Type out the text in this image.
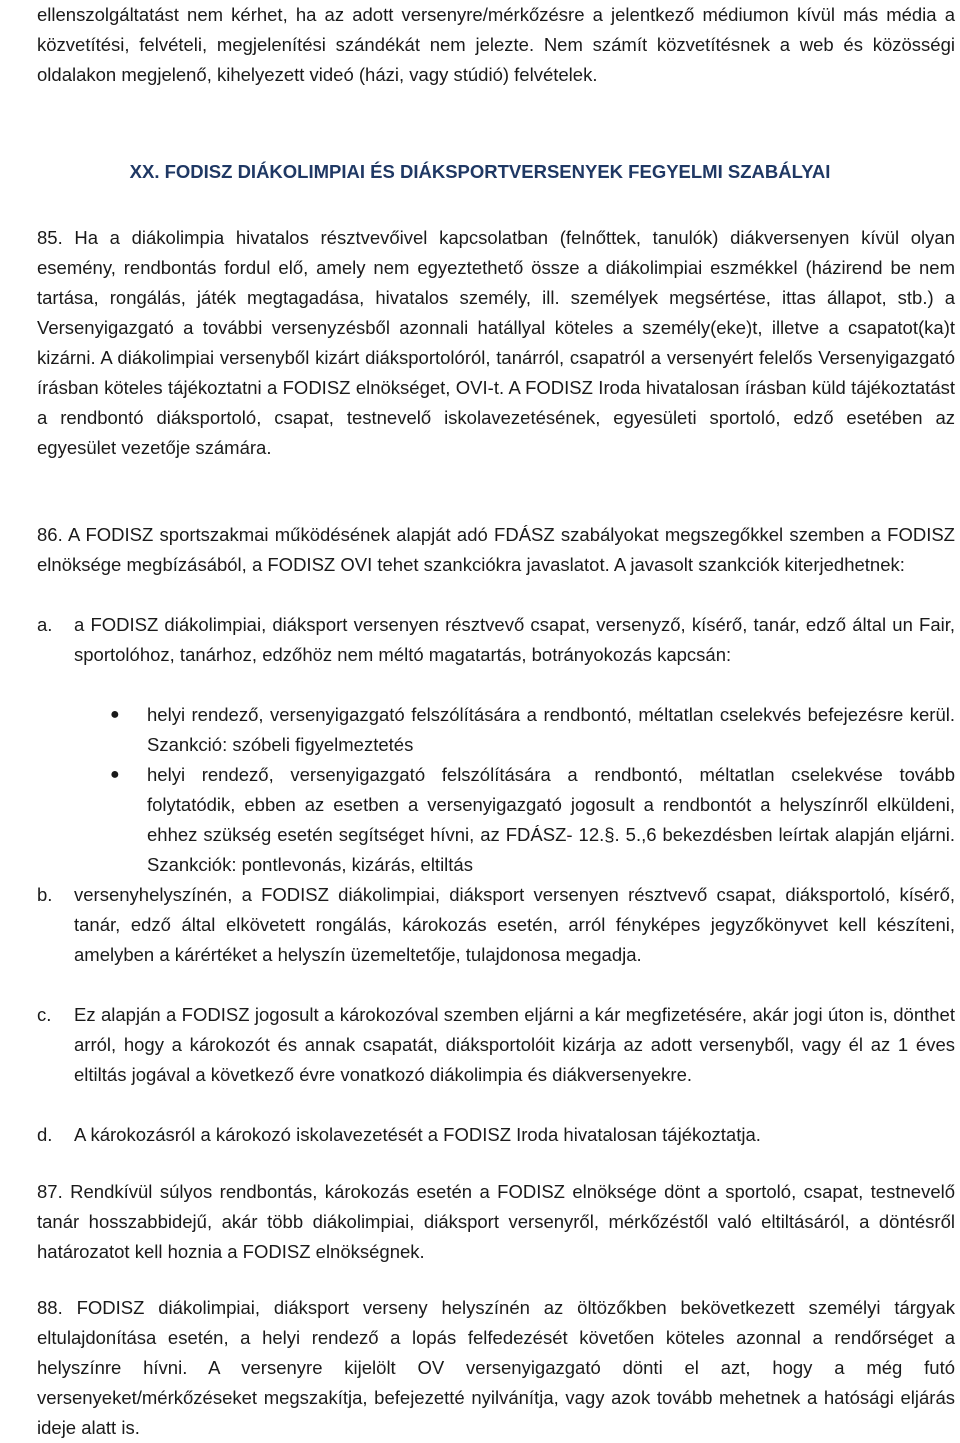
ellenszolgáltatást nem kérhet, ha az adott versenyre/mérkőzésre a jelentkező médiumon kívül más média a közvetítési, felvételi, megjelenítési szándékát nem jelezte. Nem számít közvetítésnek a web és közösségi oldalakon megjelenő, kihelyezett videó (házi, vagy stúdió) felvételek.

XX. FODISZ DIÁKOLIMPIAI ÉS DIÁKSPORTVERSENYEK FEGYELMI SZABÁLYAI

85. Ha a diákolimpia hivatalos résztvevőivel kapcsolatban (felnőttek, tanulók) diákversenyen kívül olyan esemény, rendbontás fordul elő, amely nem egyeztethető össze a diákolimpiai eszmékkel (házirend be nem tartása, rongálás, játék megtagadása, hivatalos személy, ill. személyek megsértése, ittas állapot, stb.) a Versenyigazgató a további versenyzésből azonnali hatállyal köteles a személy(eke)t, illetve a csapatot(ka)t kizárni. A diákolimpiai versenyből kizárt diáksportolóról, tanárról, csapatról a versenyért felelős Versenyigazgató írásban köteles tájékoztatni a FODISZ elnökséget, OVI-t. A FODISZ Iroda hivatalosan írásban küld tájékoztatást a rendbontó diáksportoló, csapat, testnevelő iskolavezetésének, egyesületi sportoló, edző esetében az egyesület vezetője számára.

86. A FODISZ sportszakmai működésének alapját adó FDÁSZ szabályokat megszegőkkel szemben a FODISZ elnöksége megbízásából, a FODISZ OVI tehet szankciókra javaslatot. A javasolt szankciók kiterjedhetnek:

a. a FODISZ diákolimpiai, diáksport versenyen résztvevő csapat, versenyző, kísérő, tanár, edző által un Fair, sportolóhoz, tanárhoz, edzőhöz nem méltó magatartás, botrányokozás kapcsán:
● helyi rendező, versenyigazgató felszólítására a rendbontó, méltatlan cselekvés befejezésre kerül. Szankció: szóbeli figyelmeztetés
● helyi rendező, versenyigazgató felszólítására a rendbontó, méltatlan cselekvése tovább folytatódik, ebben az esetben a versenyigazgató jogosult a rendbontót a helyszínről elküldeni, ehhez szükség esetén segítséget hívni, az FDÁSZ- 12.§. 5.,6 bekezdésben leírtak alapján eljárni. Szankciók: pontlevonás, kizárás, eltiltás
b. versenyhelyszínén, a FODISZ diákolimpiai, diáksport versenyen résztvevő csapat, diáksportoló, kísérő, tanár, edző által elkövetett rongálás, károkozás esetén, arról fényképes jegyzőkönyvet kell készíteni, amelyben a kárértéket a helyszín üzemeltetője, tulajdonosa megadja.
c. Ez alapján a FODISZ jogosult a károkozóval szemben eljárni a kár megfizetésére, akár jogi úton is, dönthet arról, hogy a károkozót és annak csapatát, diáksportolóit kizárja az adott versenyből, vagy él az 1 éves eltiltás jogával a következő évre vonatkozó diákolimpia és diákversenyekre.
d. A károkozásról a károkozó iskolavezetését a FODISZ Iroda hivatalosan tájékoztatja.

87. Rendkívül súlyos rendbontás, károkozás esetén a FODISZ elnöksége dönt a sportoló, csapat, testnevelő tanár hosszabbidejű, akár több diákolimpiai, diáksport versenyről, mérkőzéstől való eltiltásáról, a döntésről határozatot kell hoznia a FODISZ elnökségnek.

88. FODISZ diákolimpiai, diáksport verseny helyszínén az öltözőkben bekövetkezett személyi tárgyak eltulajdonítása esetén, a helyi rendező a lopás felfedezését követően köteles azonnal a rendőrséget a helyszínre hívni. A versenyre kijelölt OV versenyigazgató dönti el azt, hogy a még futó versenyeket/mérkőzéseket megszakítja, befejezetté nyilvánítja, vagy azok tovább mehetnek a hatósági eljárás ideje alatt is.
